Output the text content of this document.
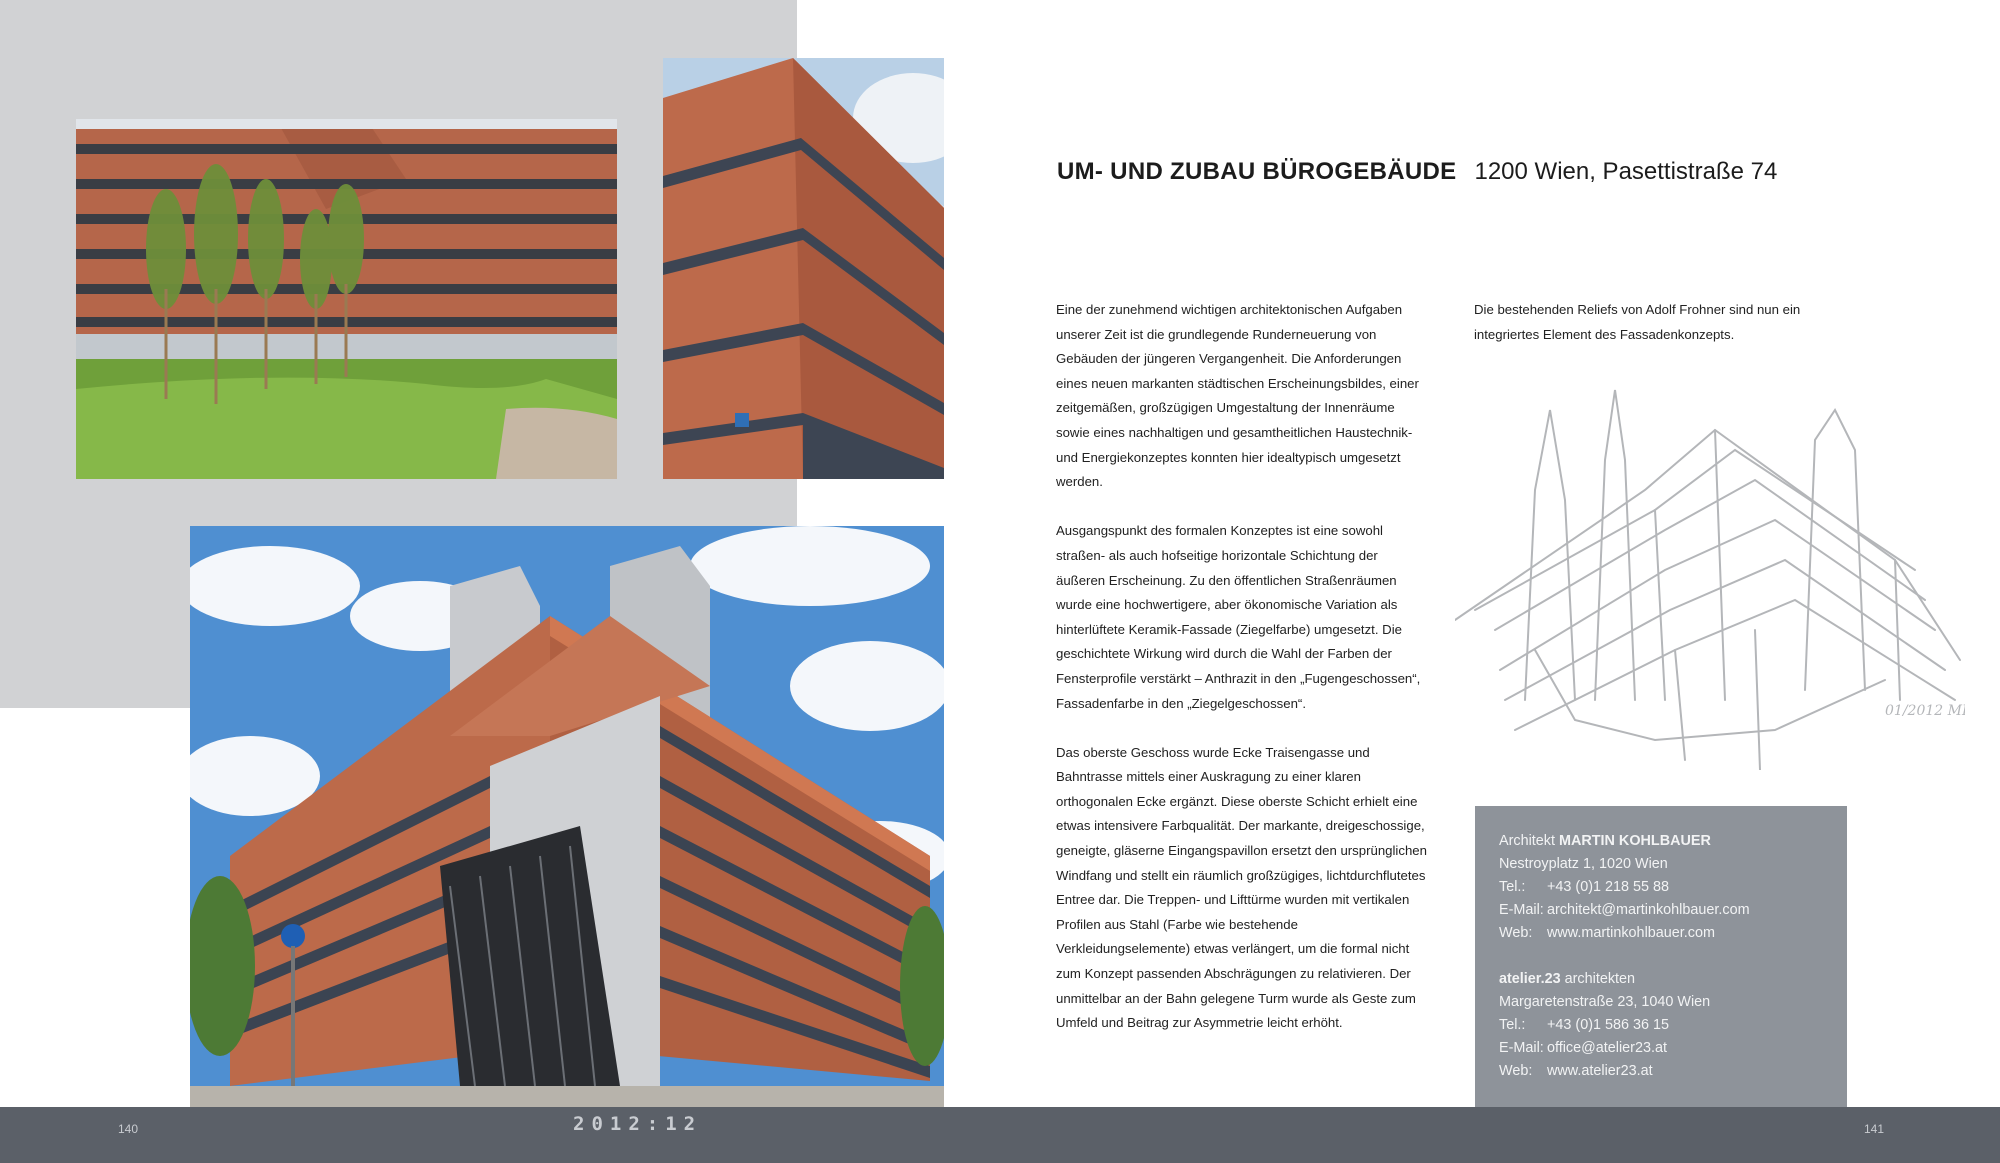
UM- UND ZUBAU BÜROGEBÄUDE 1200 Wien, Pasettistraße 74

Eine der zunehmend wichtigen architektonischen Aufgaben unserer Zeit ist die grundlegende Runderneuerung von Gebäuden der jüngeren Vergangenheit. Die Anforderungen eines neuen markanten städtischen Erscheinungsbildes, einer zeitgemäßen, großzügigen Umgestaltung der Innenräume sowie eines nachhaltigen und gesamtheitlichen Haustechnik- und Energiekonzeptes konnten hier idealtypisch umgesetzt werden.

Ausgangspunkt des formalen Konzeptes ist eine sowohl straßen- als auch hofseitige horizontale Schichtung der äußeren Erscheinung. Zu den öffentlichen Straßenräumen wurde eine hochwertigere, aber ökonomische Variation als hinterlüftete Keramik-Fassade (Ziegelfarbe) umgesetzt. Die geschichtete Wirkung wird durch die Wahl der Farben der Fensterprofile verstärkt – Anthrazit in den „Fugengeschossen“, Fassadenfarbe in den „Ziegelgeschossen“.

Das oberste Geschoss wurde Ecke Traisengasse und Bahntrasse mittels einer Auskragung zu einer klaren orthogonalen Ecke ergänzt. Diese oberste Schicht erhielt eine etwas intensivere Farbqualität. Der markante, dreigeschossige, geneigte, gläserne Eingangspavillon ersetzt den ursprünglichen Windfang und stellt ein räumlich großzügiges, lichtdurchflutetes Entree dar. Die Treppen- und Lifttürme wurden mit vertikalen Profilen aus Stahl (Farbe wie bestehende Verkleidungselemente) etwas verlängert, um die formal nicht zum Konzept passenden Abschrägungen zu relativieren. Der unmittelbar an der Bahn gelegene Turm wurde als Geste zum Umfeld und Beitrag zur Asymmetrie leicht erhöht.

Die bestehenden Reliefs von Adolf Frohner sind nun ein integriertes Element des Fassadenkonzepts.

01/2012 MK
Architekt MARTIN KOHLBAUER
Nestroyplatz 1, 1020 Wien
Tel.: +43 (0)1 218 55 88
E-Mail: architekt@martinkohlbauer.com
Web: www.martinkohlbauer.com
atelier.23 architekten
Margaretenstraße 23, 1040 Wien
Tel.: +43 (0)1 586 36 15
E-Mail: office@atelier23.at
Web: www.atelier23.at
140	2012:12	141
